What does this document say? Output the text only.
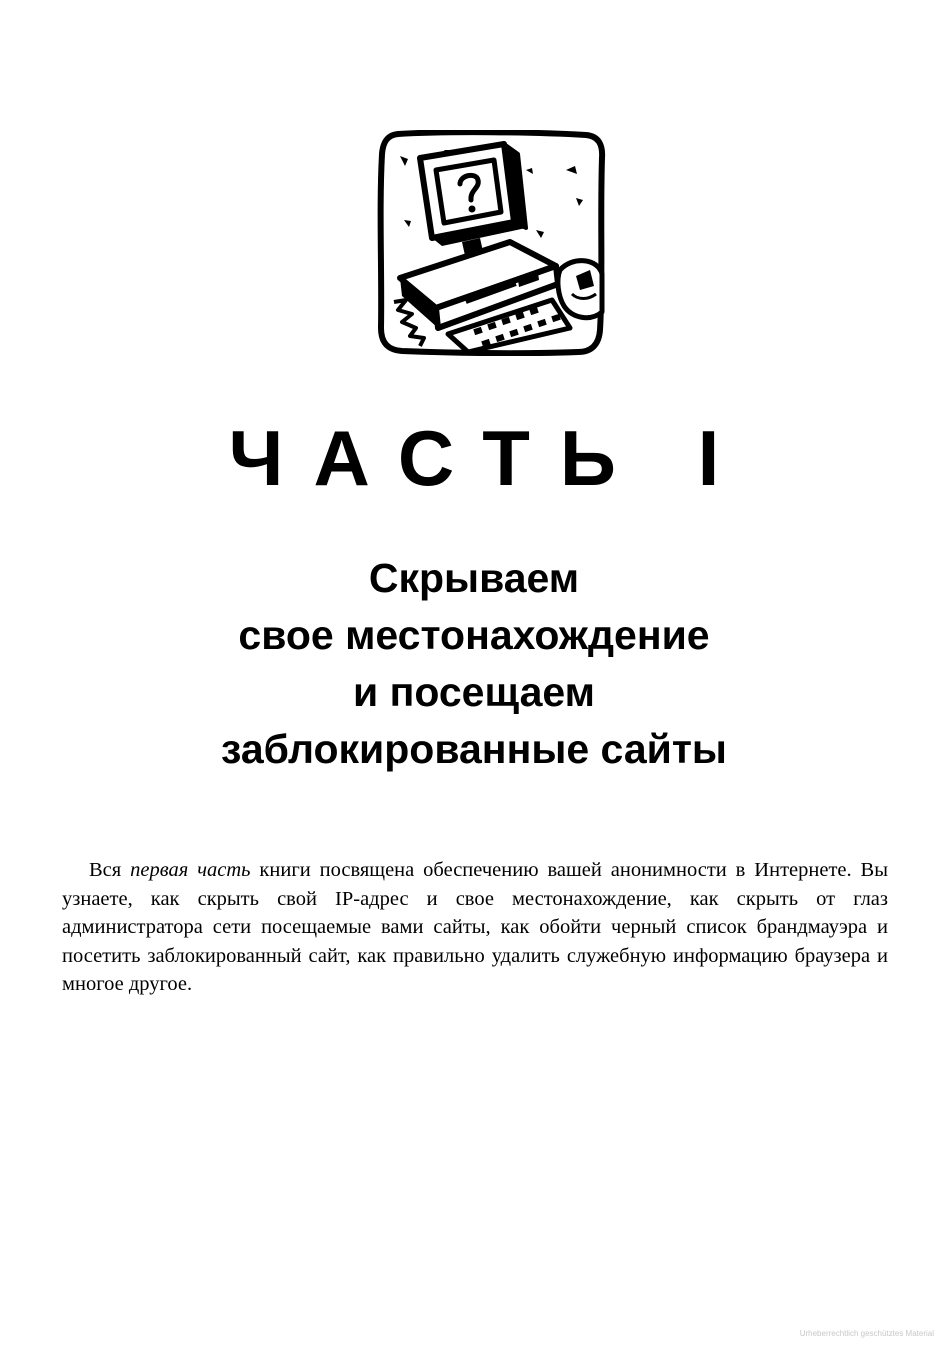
ЧАСТЬ I
Скрываем
свое местонахождение
и посещаем
заблокированные сайты

Вся первая часть книги посвящена обеспечению вашей анонимности в Интернете. Вы узнаете, как скрыть свой IP-адрес и свое местонахождение, как скрыть от глаз администратора сети посещаемые вами сайты, как обойти черный список брандмауэра и посетить заблокированный сайт, как правильно удалить служебную информацию браузера и многое другое.

Urheberrechtlich geschütztes Material
